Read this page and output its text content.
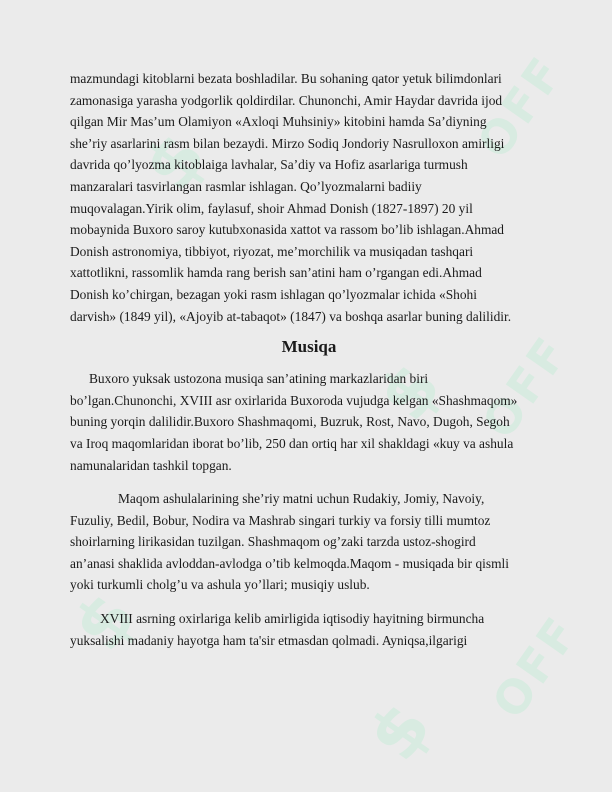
$	OFF
$ OFF
$
$
OFF
mazmundagi kitoblarni bezata boshladilar. Bu sohaning qator yetuk bilimdonlari
zamonasiga yarasha yodgorlik qoldirdilar. Chunonchi, Amir Haydar davrida ijod
qilgan Mir Mas’um Olamiyon «Axloqi Muhsiniy» kitobini hamda Sa’diyning
she’riy asarlarini rasm bilan bezaydi. Mirzo Sodiq Jondoriy Nasrulloxon amirligi
davrida qo’lyozma kitoblaiga lavhalar, Sa’diy va Hofiz asarlariga turmush
manzaralari tasvirlangan rasmlar ishlagan. Qo’lyozmalarni badiiy
muqovalagan.Yirik olim, faylasuf, shoir Ahmad Donish (1827-1897) 20 yil
mobaynida Buxoro saroy kutubxonasida xattot va rassom bo’lib ishlagan.Ahmad
Donish astronomiya, tibbiyot, riyozat, me’morchilik va musiqadan tashqari
xattotlikni, rassomlik hamda rang berish san’atini ham o’rgangan edi.Ahmad
Donish ko’chirgan, bezagan yoki rasm ishlagan qo’lyozmalar ichida «Shohi
darvish» (1849 yil), «Ajoyib at-tabaqot» (1847) va boshqa asarlar buning dalilidir.
Musiqa
Buxoro yuksak ustozona musiqa san’atining markazlaridan biri
bo’lgan.Chunonchi, XVIII asr oxirlarida Buxoroda vujudga kelgan «Shashmaqom»
buning yorqin dalilidir.Buxoro Shashmaqomi, Buzruk, Rost, Navo, Dugoh, Segoh
va Iroq maqomlaridan iborat bo’lib, 250 dan ortiq har xil shakldagi «kuy va ashula
namunalaridan tashkil topgan.
Maqom ashulalarining she’riy matni uchun Rudakiy, Jomiy, Navoiy,
Fuzuliy, Bedil, Bobur, Nodira va Mashrab singari turkiy va forsiy tilli mumtoz
shoirlarning lirikasidan tuzilgan. Shashmaqom og’zaki tarzda ustoz-shogird
an’anasi shaklida avloddan-avlodga o’tib kelmoqda.Maqom - musiqada bir qismli
yoki turkumli cholg’u va ashula yo’llari; musiqiy uslub.
XVIII asrning oxirlariga kelib amirligida iqtisodiy hayitning birmuncha
yuksalishi madaniy hayotga ham ta'sir etmasdan qolmadi. Ayniqsa,ilgarigi
